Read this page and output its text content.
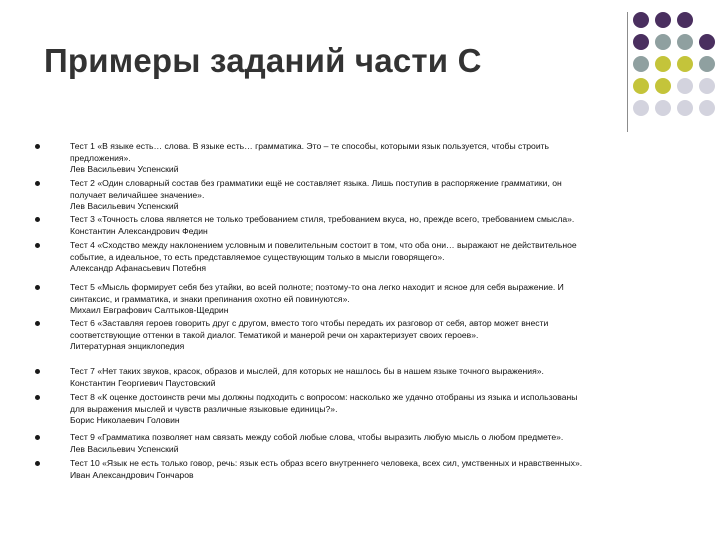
Примеры заданий части С
Тест 1 «В языке есть… слова. В языке есть… грамматика. Это – те способы, которыми язык пользуется, чтобы строить
предложения».
Лев Васильевич Успенский
Тест 2 «Один словарный состав без грамматики ещё не составляет языка. Лишь поступив в распоряжение грамматики, он
получает величайшее значение».
Лев Васильевич Успенский
Тест 3 «Точность слова является не только требованием стиля, требованием вкуса, но, прежде всего, требованием смысла».
Константин Александрович Федин
Тест 4 «Сходство между наклонением условным и повелительным состоит в том, что оба они… выражают не действительное
событие, а идеальное, то есть представляемое существующим только в мысли говорящего».
Александр Афанасьевич Потебня
Тест 5 «Мысль формирует себя без утайки, во всей полноте; поэтому-то она легко находит и ясное для себя выражение. И
синтаксис, и грамматика, и знаки препинания охотно ей повинуются».
Михаил Евграфович Салтыков-Щедрин
Тест 6 «Заставляя героев говорить друг с другом, вместо того чтобы передать их разговор от себя, автор может внести
соответствующие оттенки в такой диалог. Тематикой и манерой речи он характеризует своих героев».
Литературная энциклопедия
Тест 7 «Нет таких звуков, красок, образов и мыслей, для которых не нашлось бы в нашем языке точного выражения».
Константин Георгиевич Паустовский
Тест 8 «К оценке достоинств речи мы должны подходить с вопросом: насколько же удачно отобраны из языка и использованы
для выражения мыслей и чувств различные языковые единицы?».
Борис Николаевич Головин
Тест 9 «Грамматика позволяет нам связать между собой любые слова, чтобы выразить любую мысль о любом предмете».
Лев Васильевич Успенский
Тест 10 «Язык не есть только говор, речь: язык есть образ всего внутреннего человека, всех сил, умственных и нравственных».
Иван Александрович Гончаров
